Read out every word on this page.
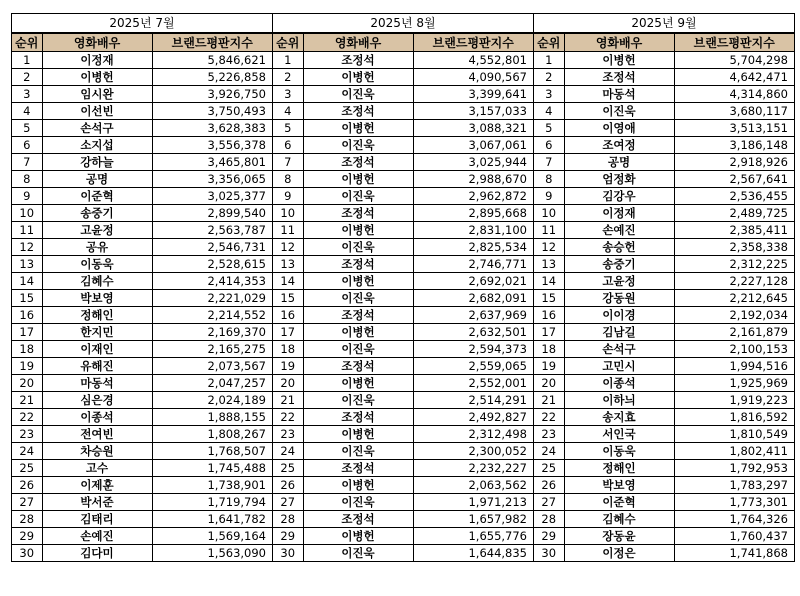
2025년 7월
순위	영화배우	브랜드평판지수
1	이정재	5,846,621
2	이병헌	5,226,858
3	임시완	3,926,750
4	이선빈	3,750,493
5	손석구	3,628,383
6	소지섭	3,556,378
7	강하늘	3,465,801
8	공명	3,356,065
9	이준혁	3,025,377
10	송중기	2,899,540
11	고윤정	2,563,787
12	공유	2,546,731
13	이동욱	2,528,615
14	김혜수	2,414,353
15	박보영	2,221,029
16	정해인	2,214,552
17	한지민	2,169,370
18	이재인	2,165,275
19	유해진	2,073,567
20	마동석	2,047,257
21	심은경	2,024,189
22	이종석	1,888,155
23	전여빈	1,808,267
24	차승원	1,768,507
25	고수	1,745,488
26	이제훈	1,738,901
27	박서준	1,719,794
28	김태리	1,641,782
29	손예진	1,569,164
30	김다미	1,563,090
2025년 8월
순위	영화배우	브랜드평판지수
1	조정석	4,552,801
2	이병헌	4,090,567
3	이진욱	3,399,641
4	조정석	3,157,033
5	이병헌	3,088,321
6	이진욱	3,067,061
7	조정석	3,025,944
8	이병헌	2,988,670
9	이진욱	2,962,872
10	조정석	2,895,668
11	이병헌	2,831,100
12	이진욱	2,825,534
13	조정석	2,746,771
14	이병헌	2,692,021
15	이진욱	2,682,091
16	조정석	2,637,969
17	이병헌	2,632,501
18	이진욱	2,594,373
19	조정석	2,559,065
20	이병헌	2,552,001
21	이진욱	2,514,291
22	조정석	2,492,827
23	이병헌	2,312,498
24	이진욱	2,300,052
25	조정석	2,232,227
26	이병헌	2,063,562
27	이진욱	1,971,213
28	조정석	1,657,982
29	이병헌	1,655,776
30	이진욱	1,644,835
2025년 9월
순위	영화배우	브랜드평판지수
1	이병헌	5,704,298
2	조정석	4,642,471
3	마동석	4,314,860
4	이진욱	3,680,117
5	이영애	3,513,151
6	조여정	3,186,148
7	공명	2,918,926
8	엄정화	2,567,641
9	김강우	2,536,455
10	이정재	2,489,725
11	손예진	2,385,411
12	송승헌	2,358,338
13	송중기	2,312,225
14	고윤정	2,227,128
15	강동원	2,212,645
16	이이경	2,192,034
17	김남길	2,161,879
18	손석구	2,100,153
19	고민시	1,994,516
20	이종석	1,925,969
21	이하늬	1,919,223
22	송지효	1,816,592
23	서인국	1,810,549
24	이동욱	1,802,411
25	정해인	1,792,953
26	박보영	1,783,297
27	이준혁	1,773,301
28	김혜수	1,764,326
29	장동윤	1,760,437
30	이정은	1,741,868
